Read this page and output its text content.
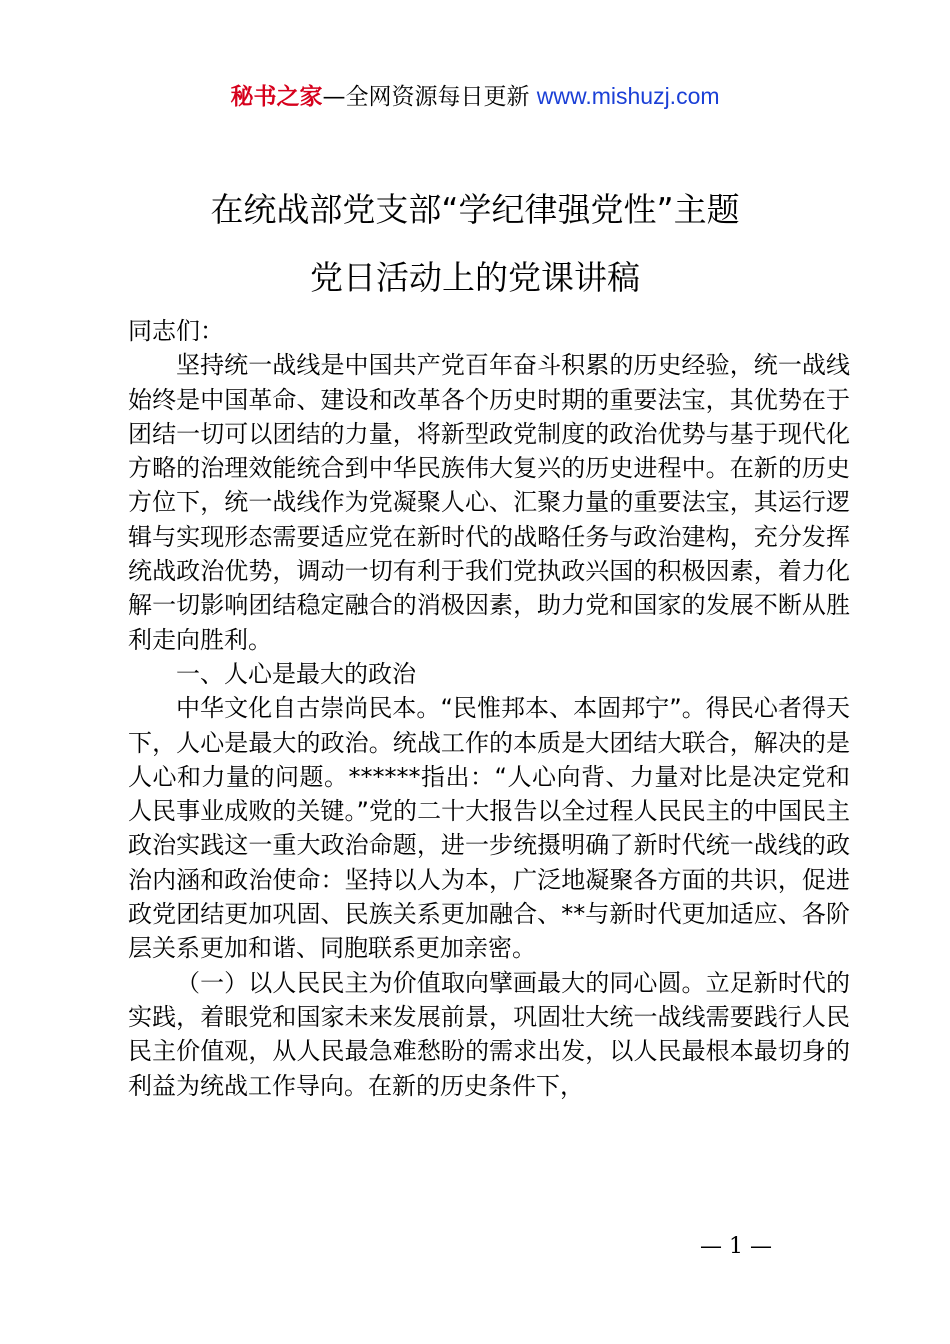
秘书之家—全网资源每日更新 www.mishuzj.com
在统战部党支部“学纪律强党性”主题
党日活动上的党课讲稿

同志们：

坚持统一战线是中国共产党百年奋斗积累的历史经验，统一战线始终是中国革命、建设和改革各个历史时期的重要法宝，其优势在于团结一切可以团结的力量，将新型政党制度的政治优势与基于现代化方略的治理效能统合到中华民族伟大复兴的历史进程中。在新的历史方位下，统一战线作为党凝聚人心、汇聚力量的重要法宝，其运行逻辑与实现形态需要适应党在新时代的战略任务与政治建构，充分发挥统战政治优势，调动一切有利于我们党执政兴国的积极因素，着力化解一切影响团结稳定融合的消极因素，助力党和国家的发展不断从胜利走向胜利。

一、人心是最大的政治

中华文化自古崇尚民本。“民惟邦本、本固邦宁”。得民心者得天下，人心是最大的政治。统战工作的本质是大团结大联合，解决的是人心和力量的问题。******指出：“人心向背、力量对比是决定党和人民事业成败的关键。”党的二十大报告以全过程人民民主的中国民主政治实践这一重大政治命题，进一步统摄明确了新时代统一战线的政治内涵和政治使命：坚持以人为本，广泛地凝聚各方面的共识，促进政党团结更加巩固、民族关系更加融合、**与新时代更加适应、各阶层关系更加和谐、同胞联系更加亲密。

（一）以人民民主为价值取向擘画最大的同心圆。立足新时代的实践，着眼党和国家未来发展前景，巩固壮大统一战线需要践行人民民主价值观，从人民最急难愁盼的需求出发，以人民最根本最切身的利益为统战工作导向。在新的历史条件下，

— 1 —
